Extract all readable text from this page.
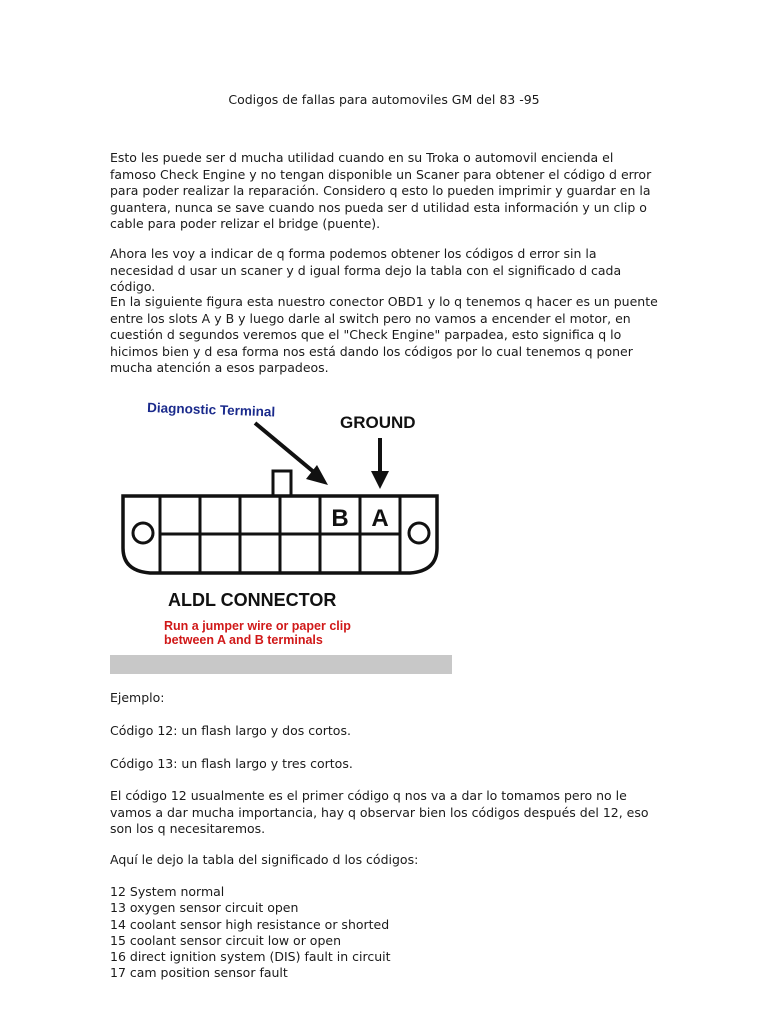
Codigos de fallas para automoviles GM del 83 -95

Esto les puede ser d mucha utilidad cuando en su Troka o automovil encienda el famoso Check Engine y no tengan disponible un Scaner para obtener el código d error para poder realizar la reparación. Considero q esto lo pueden imprimir y guardar en la guantera, nunca se save cuando nos pueda ser d utilidad esta información y un clip o cable para poder relizar el bridge (puente).

Ahora les voy a indicar de q forma podemos obtener los códigos d error sin la necesidad d usar un scaner y d igual forma dejo la tabla con el significado d cada código.

En la siguiente figura esta nuestro conector OBD1 y lo q tenemos q hacer es un puente entre los slots A y B y luego darle al switch pero no vamos a encender el motor, en cuestión d segundos veremos que el "Check Engine" parpadea, esto significa q lo hicimos bien y d esa forma nos está dando los códigos por lo cual tenemos q poner mucha atención a esos parpadeos.

Diagnostic Terminal
GROUND
B A
ALDL CONNECTOR
Run a jumper wire or paper clip
between A and B terminals

Ejemplo:

Código 12: un flash largo y dos cortos.

Código 13: un flash largo y tres cortos.

El código 12 usualmente es el primer código q nos va a dar lo tomamos pero no le vamos a dar mucha importancia, hay q observar bien los códigos después del 12, eso son los q necesitaremos.

Aquí le dejo la tabla del significado d los códigos:

12 System normal
13 oxygen sensor circuit open
14 coolant sensor high resistance or shorted
15 coolant sensor circuit low or open
16 direct ignition system (DIS) fault in circuit
17 cam position sensor fault
